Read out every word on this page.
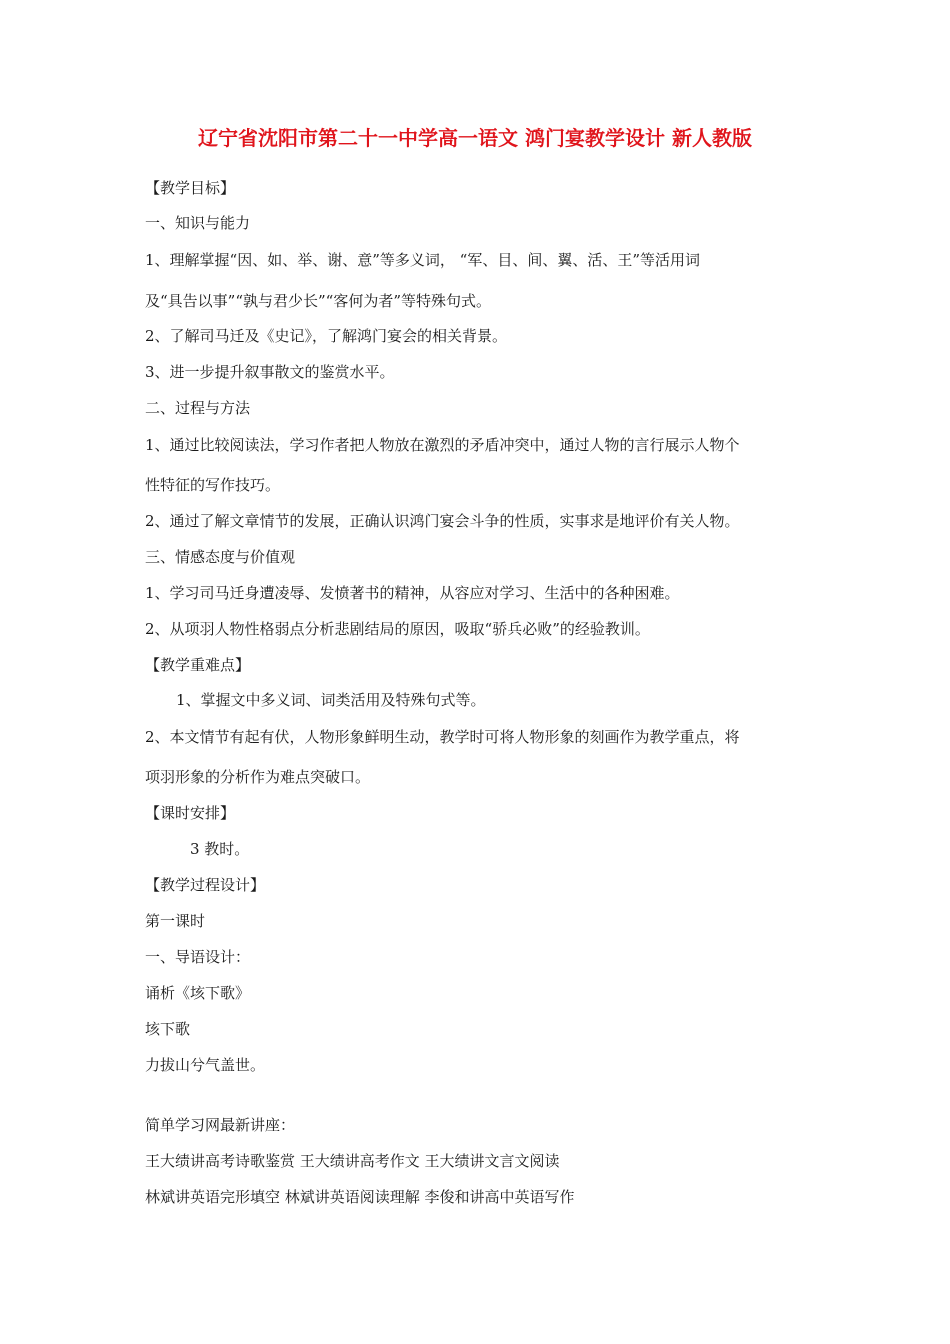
辽宁省沈阳市第二十一中学高一语文 鸿门宴教学设计 新人教版
【教学目标】
一、知识与能力
1、理解掌握“因、如、举、谢、意”等多义词， “军、目、间、翼、活、王”等活用词
及“具告以事”“孰与君少长”“客何为者”等特殊句式。
2、了解司马迁及《史记》，了解鸿门宴会的相关背景。
3、进一步提升叙事散文的鉴赏水平。
二、过程与方法
1、通过比较阅读法，学习作者把人物放在激烈的矛盾冲突中，通过人物的言行展示人物个
性特征的写作技巧。
2、通过了解文章情节的发展，正确认识鸿门宴会斗争的性质，实事求是地评价有关人物。
三、情感态度与价值观
1、学习司马迁身遭凌辱、发愤著书的精神，从容应对学习、生活中的各种困难。
2、从项羽人物性格弱点分析悲剧结局的原因，吸取“骄兵必败”的经验教训。
【教学重难点】
1、掌握文中多义词、词类活用及特殊句式等。
2、本文情节有起有伏，人物形象鲜明生动，教学时可将人物形象的刻画作为教学重点，将
项羽形象的分析作为难点突破口。
【课时安排】
3 教时。
【教学过程设计】
第一课时
一、导语设计：
诵析《垓下歌》
垓下歌
力拔山兮气盖世。
简单学习网最新讲座：
王大绩讲高考诗歌鉴赏 王大绩讲高考作文 王大绩讲文言文阅读
林斌讲英语完形填空 林斌讲英语阅读理解 李俊和讲高中英语写作
